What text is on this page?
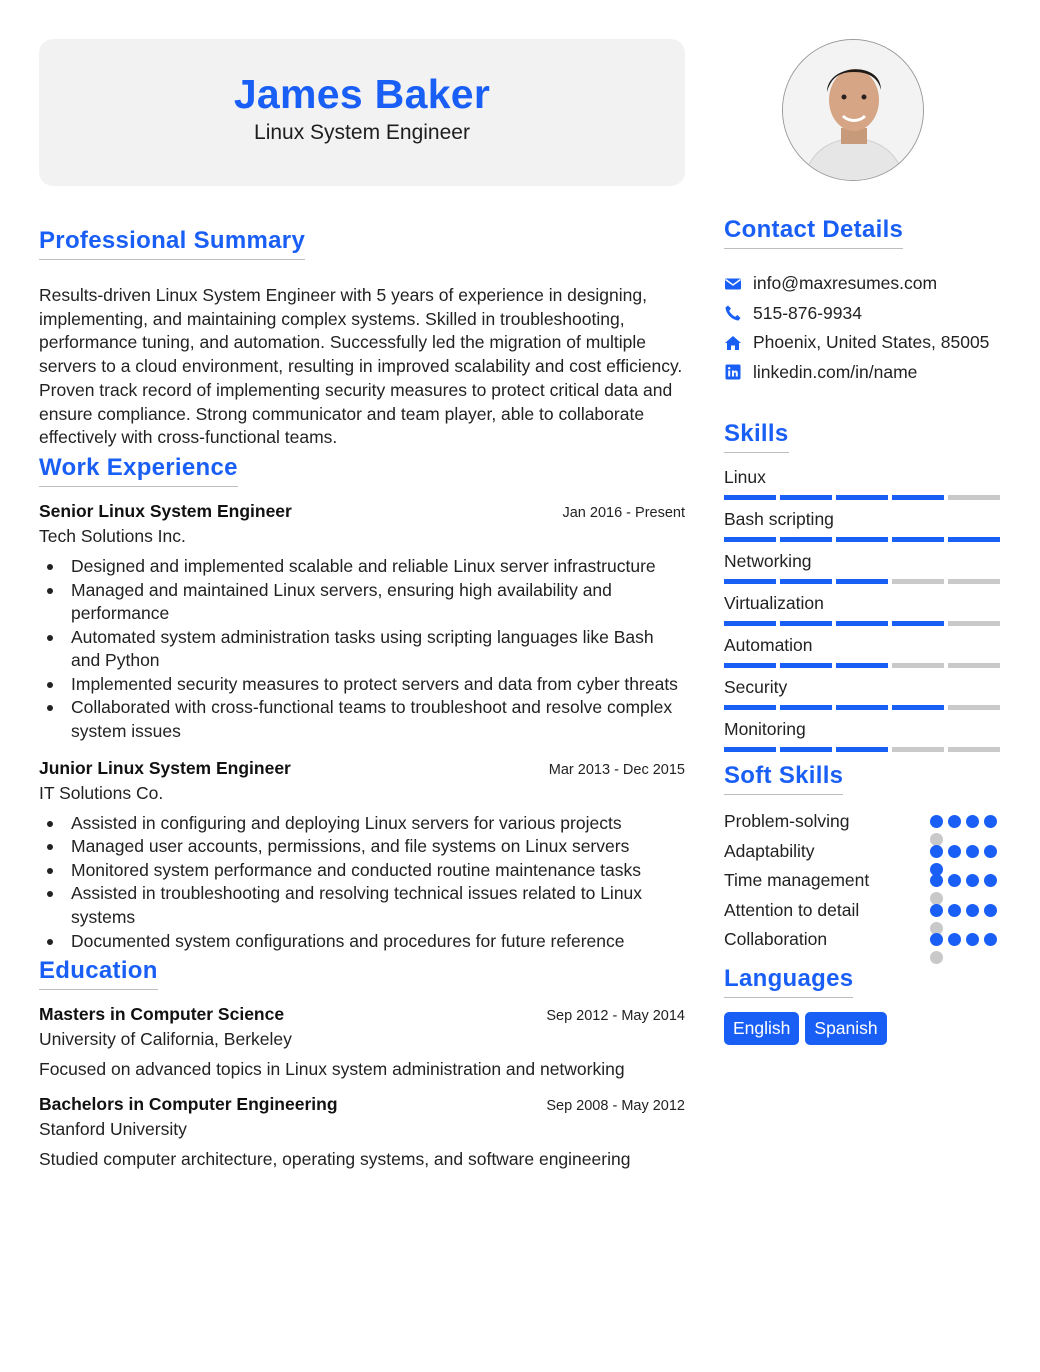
James Baker
Linux System Engineer
Professional Summary
Results-driven Linux System Engineer with 5 years of experience in designing, implementing, and maintaining complex systems. Skilled in troubleshooting, performance tuning, and automation. Successfully led the migration of multiple servers to a cloud environment, resulting in improved scalability and cost efficiency. Proven track record of implementing security measures to protect critical data and ensure compliance. Strong communicator and team player, able to collaborate effectively with cross-functional teams.
Work Experience
Senior Linux System Engineer	Jan 2016 - Present
Tech Solutions Inc.
Designed and implemented scalable and reliable Linux server infrastructure
Managed and maintained Linux servers, ensuring high availability and performance
Automated system administration tasks using scripting languages like Bash and Python
Implemented security measures to protect servers and data from cyber threats
Collaborated with cross-functional teams to troubleshoot and resolve complex system issues
Junior Linux System Engineer	Mar 2013 - Dec 2015
IT Solutions Co.
Assisted in configuring and deploying Linux servers for various projects
Managed user accounts, permissions, and file systems on Linux servers
Monitored system performance and conducted routine maintenance tasks
Assisted in troubleshooting and resolving technical issues related to Linux systems
Documented system configurations and procedures for future reference
Education
Masters in Computer Science	Sep 2012 - May 2014
University of California, Berkeley
Focused on advanced topics in Linux system administration and networking
Bachelors in Computer Engineering	Sep 2008 - May 2012
Stanford University
Studied computer architecture, operating systems, and software engineering
Contact Details
info@maxresumes.com
515-876-9934
Phoenix, United States, 85005
linkedin.com/in/name
Skills
Linux
Bash scripting
Networking
Virtualization
Automation
Security
Monitoring
Soft Skills
Problem-solving
Adaptability
Time management
Attention to detail
Collaboration
Languages
English	Spanish
